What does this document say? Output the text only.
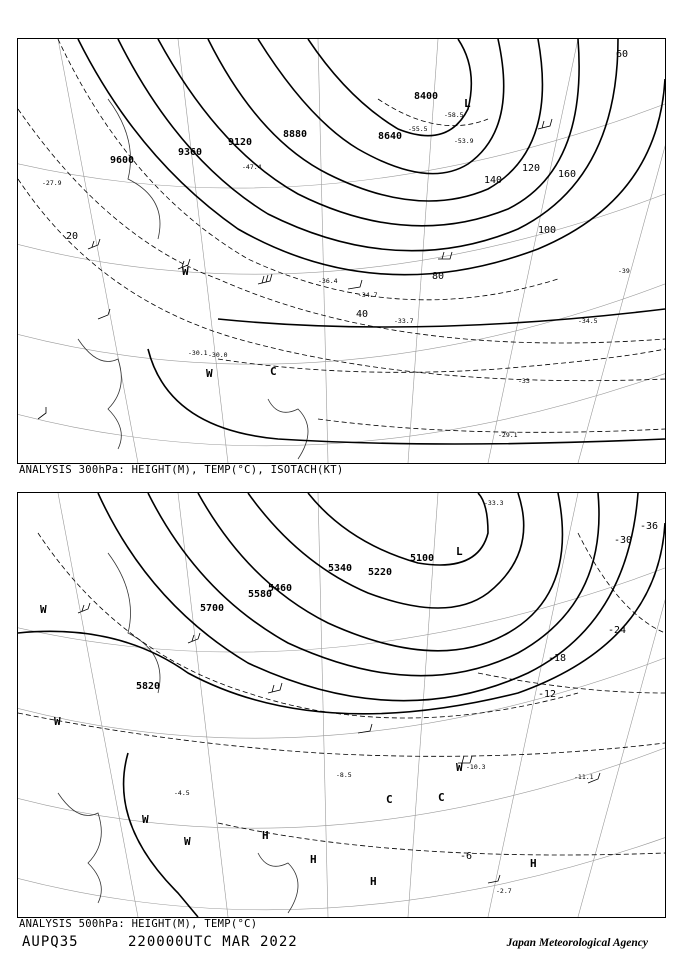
9600
9360
9120
8880	8640
8400
20
40
60
80
100
120
140
160
-27.9
-30.1 -30.0
-33.7	-34.5
-34.7
-39
-33
-29.1
-47.4
-53.9
-55.5
-58.5
-36.4
L
W
W	C
ANALYSIS 300hPa: HEIGHT(M), TEMP(°C), ISOTACH(KT)
5820
5700
5580
5460
5340 5220
5100
-6
-12
-18
-24
-30
-36
-11.1
-2.7
-8.5
-4.5
-10.3
-33.3
L
H
H
H
H
C	C
W
W
W
W
W
ANALYSIS 500hPa: HEIGHT(M), TEMP(°C)
AUPQ35	220000UTC MAR 2022	Japan Meteorological Agency
